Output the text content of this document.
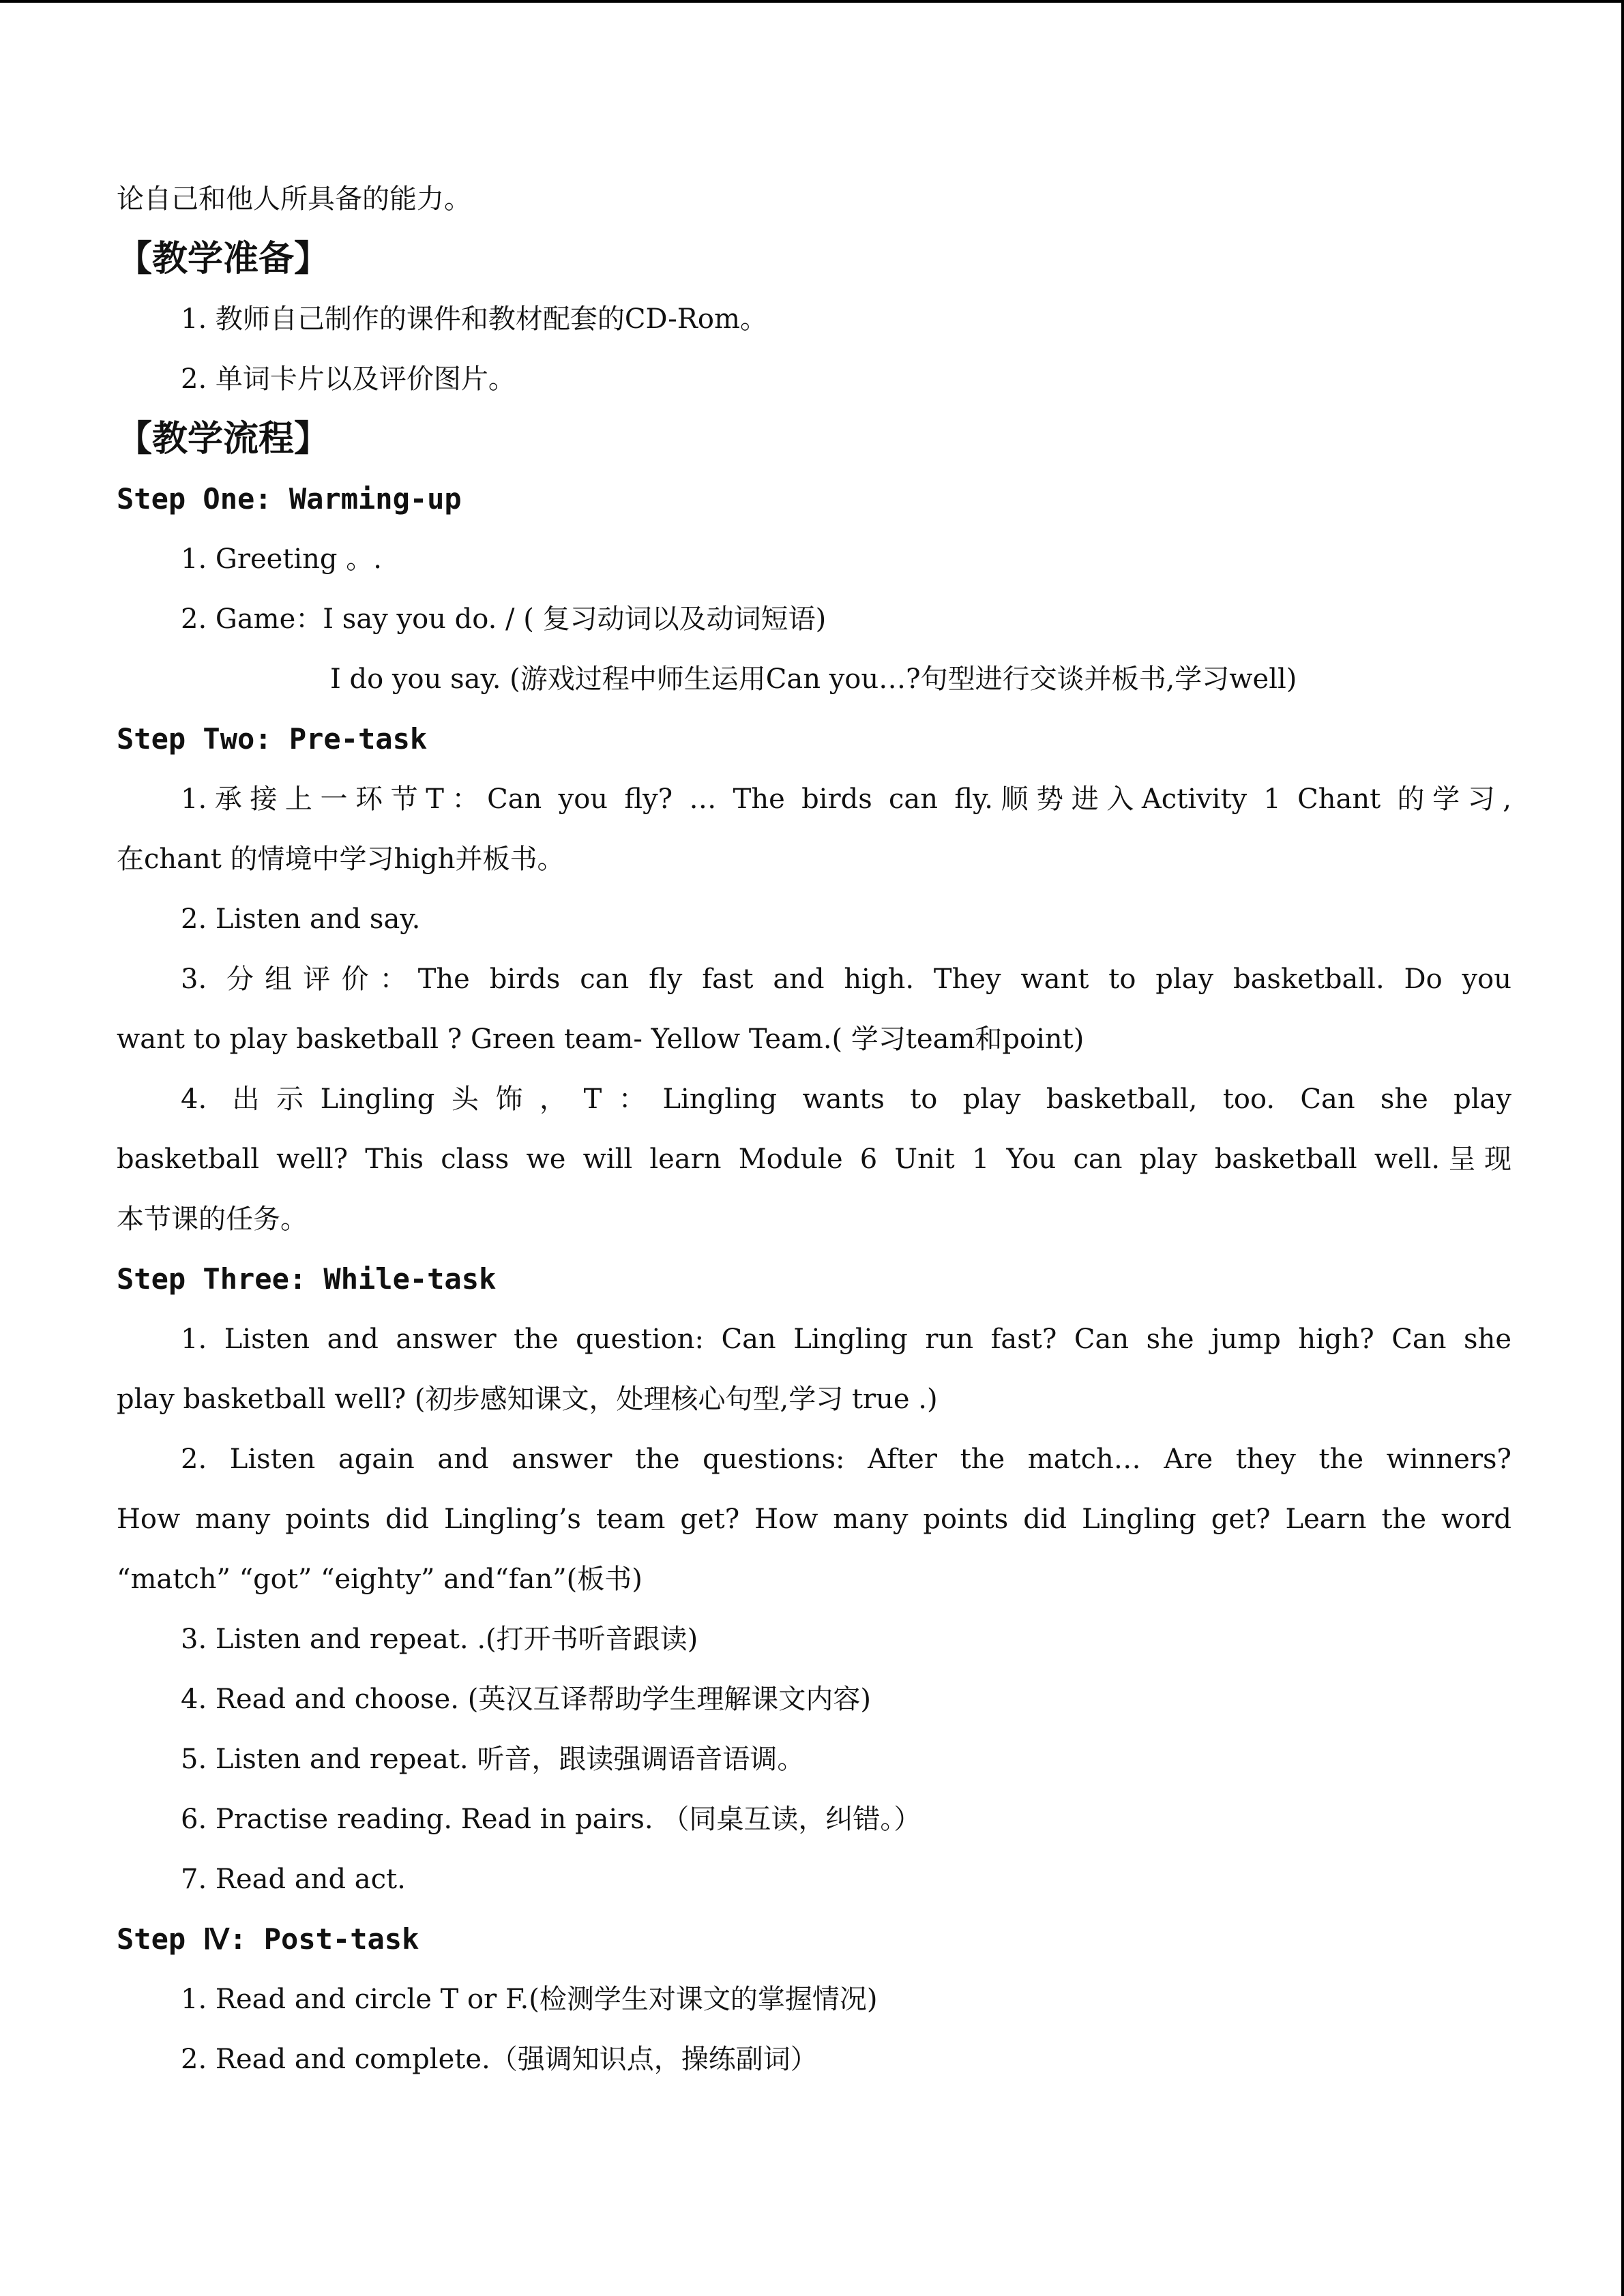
论自己和他人所具备的能力。
【教学准备】
1. 教师自己制作的课件和教材配套的CD-Rom。
2. 单词卡片以及评价图片。
【教学流程】
Step One: Warming-up
1. Greeting 。.
2. Game：I say you do. / ( 复习动词以及动词短语)
I do you say. (游戏过程中师生运用Can you…?句型进行交谈并板书,学习well)
Step Two: Pre-task
1.承接上一环节T：Can you fly? … The birds can fly.顺势进入Activity 1 Chant 的学习,
在chant 的情境中学习high并板书。
2. Listen and say.
3. 分组评价：The birds can fly fast and high. They want to play basketball. Do you
want to play basketball ? Green team- Yellow Team.( 学习team和point)
4. 出示Lingling头饰，T：Lingling wants to play basketball, too. Can she play
basketball well? This class we will learn Module 6 Unit 1 You can play basketball well.呈现
本节课的任务。
Step Three: While-task
1. Listen and answer the question: Can Lingling run fast? Can she jump high? Can she
play basketball well? (初步感知课文，处理核心句型,学习 true .)
2. Listen again and answer the questions: After the match… Are they the winners?
How many points did Lingling’s team get? How many points did Lingling get? Learn the word
“match” “got” “eighty” and“fan”(板书)
3. Listen and repeat. .(打开书听音跟读)
4. Read and choose. (英汉互译帮助学生理解课文内容)
5. Listen and repeat. 听音，跟读强调语音语调。
6. Practise reading. Read in pairs. （同桌互读，纠错。）
7. Read and act.
Step Ⅳ: Post-task
1. Read and circle T or F.(检测学生对课文的掌握情况)
2. Read and complete.（强调知识点，操练副词）
